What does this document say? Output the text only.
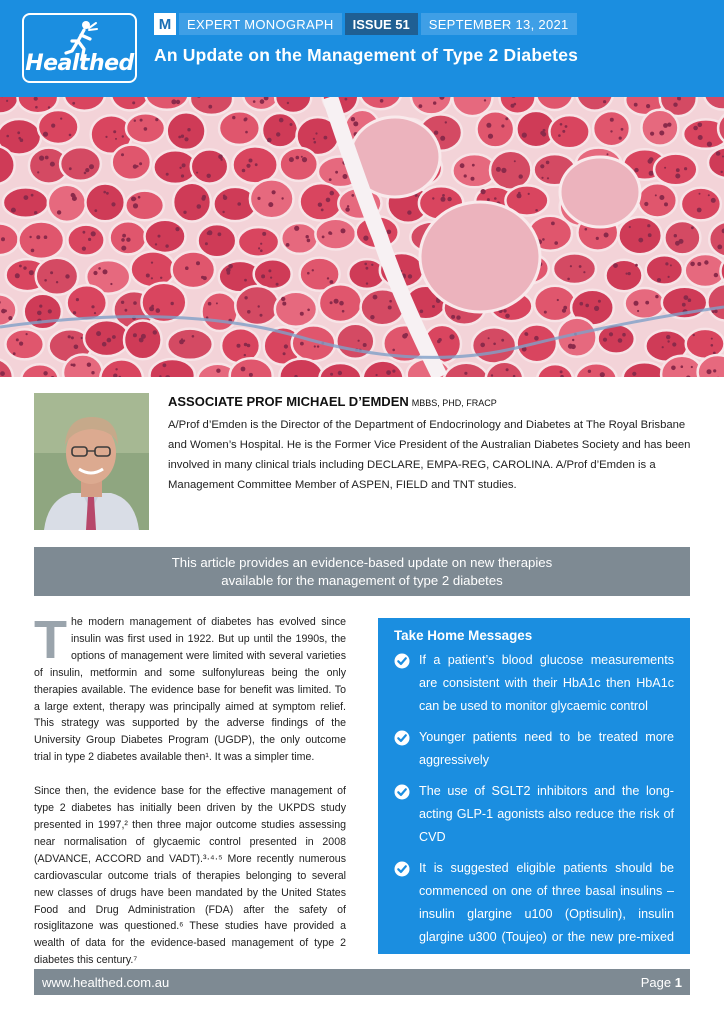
Healthed
M	EXPERT MONOGRAPH	ISSUE 51	SEPTEMBER 13, 2021
An Update on the Management of Type 2 Diabetes
ASSOCIATE PROF MICHAEL D’EMDEN MBBS, PHD, FRACP
A/Prof d’Emden is the Director of the Department of Endocrinology and Diabetes at The Royal Brisbane and Women’s Hospital. He is the Former Vice President of the Australian Diabetes Society and has been involved in many clinical trials including DECLARE, EMPA-REG, CAROLINA. A/Prof d’Emden is a Management Committee Member of ASPEN, FIELD and TNT studies.
This article provides an evidence-based update on new therapies
available for the management of type 2 diabetes

The modern management of diabetes has evolved since insulin was first used in 1922. But up until the 1990s, the options of management were limited with several varieties of insulin, metformin and some sulfonylureas being the only therapies available. The evidence base for benefit was limited. To a large extent, therapy was principally aimed at symptom relief. This strategy was supported by the adverse findings of the University Group Diabetes Program (UGDP), the only outcome trial in type 2 diabetes available then¹. It was a simpler time.

Since then, the evidence base for the effective management of type 2 diabetes has initially been driven by the UKPDS study presented in 1997,² then three major outcome studies assessing near normalisation of glycaemic control presented in 2008 (ADVANCE, ACCORD and VADT).³·⁴·⁵ More recently numerous cardiovascular outcome trials of therapies belonging to several new classes of drugs have been mandated by the United States Food and Drug Administration (FDA) after the safety of rosiglitazone was questioned.⁶ These studies have provided a wealth of data for the evidence-based management of type 2 diabetes this century.⁷

Take Home Messages
If a patient’s blood glucose measurements are consistent with their HbA1c then HbA1c can be used to monitor glycaemic control
Younger patients need to be treated more aggressively
The use of SGLT2 inhibitors and the long-acting GLP-1 agonists also reduce the risk of CVD
It is suggested eligible patients should be commenced on one of three basal insulins – insulin glargine u100 (Optisulin), insulin glargine u300 (Toujeo) or the new pre-mixed insulin Ryzodeg 70/30
www.healthed.com.au	Page 1
